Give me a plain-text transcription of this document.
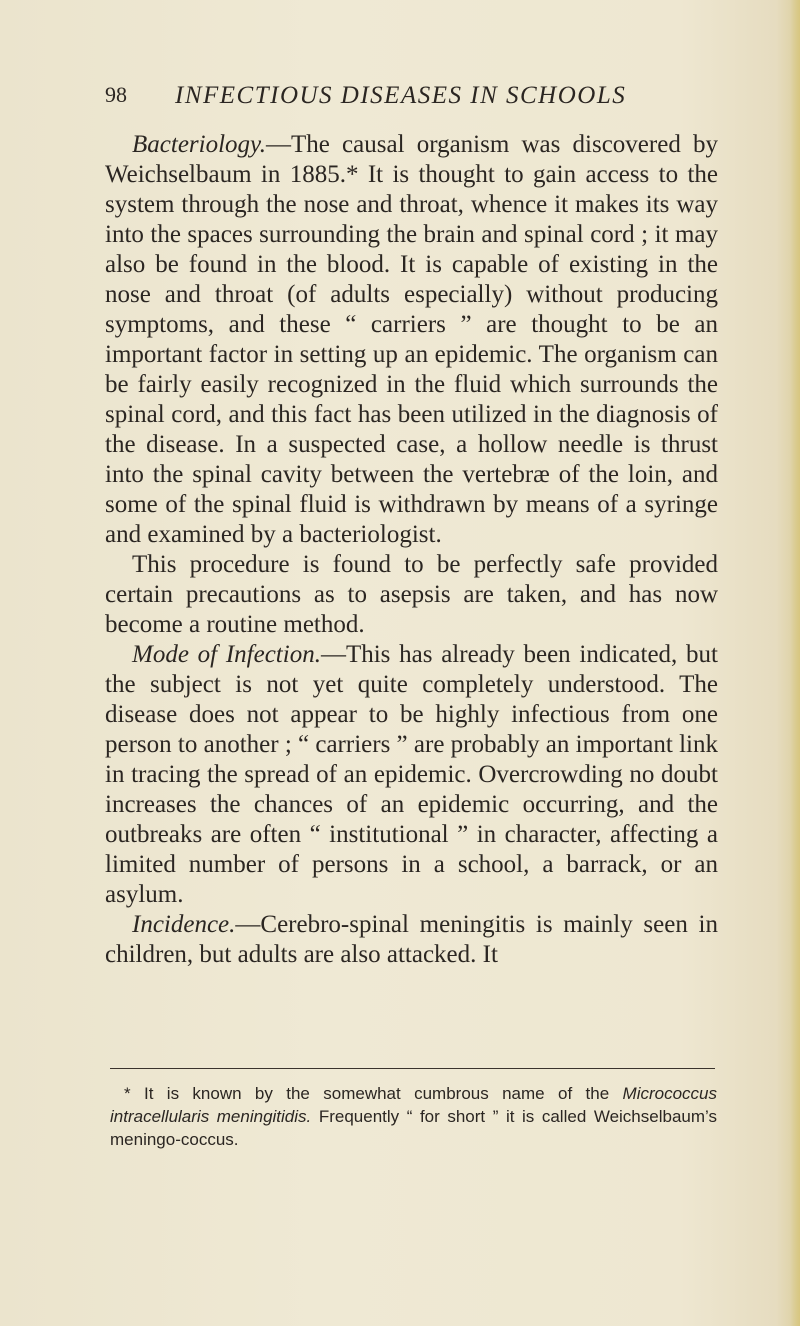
98 INFECTIOUS DISEASES IN SCHOOLS

Bacteriology.—The causal organism was discovered by Weichselbaum in 1885.* It is thought to gain access to the system through the nose and throat, whence it makes its way into the spaces surrounding the brain and spinal cord ; it may also be found in the blood. It is capable of existing in the nose and throat (of adults especially) without producing symptoms, and these “ carriers ” are thought to be an important factor in setting up an epidemic. The organism can be fairly easily recognized in the fluid which surrounds the spinal cord, and this fact has been utilized in the diagnosis of the disease. In a suspected case, a hollow needle is thrust into the spinal cavity between the vertebræ of the loin, and some of the spinal fluid is withdrawn by means of a syringe and examined by a bacteriologist.

This procedure is found to be perfectly safe provided certain precautions as to asepsis are taken, and has now become a routine method.

Mode of Infection.—This has already been indicated, but the subject is not yet quite completely understood. The disease does not appear to be highly infectious from one person to another ; “ carriers ” are probably an important link in tracing the spread of an epidemic. Overcrowding no doubt increases the chances of an epidemic occurring, and the outbreaks are often “ institutional ” in character, affecting a limited number of persons in a school, a barrack, or an asylum.

Incidence.—Cerebro-spinal meningitis is mainly seen in children, but adults are also attacked. It

* It is known by the somewhat cumbrous name of the Micrococcus intracellularis meningitidis. Frequently “ for short ” it is called Weichselbaum’s meningo-coccus.
